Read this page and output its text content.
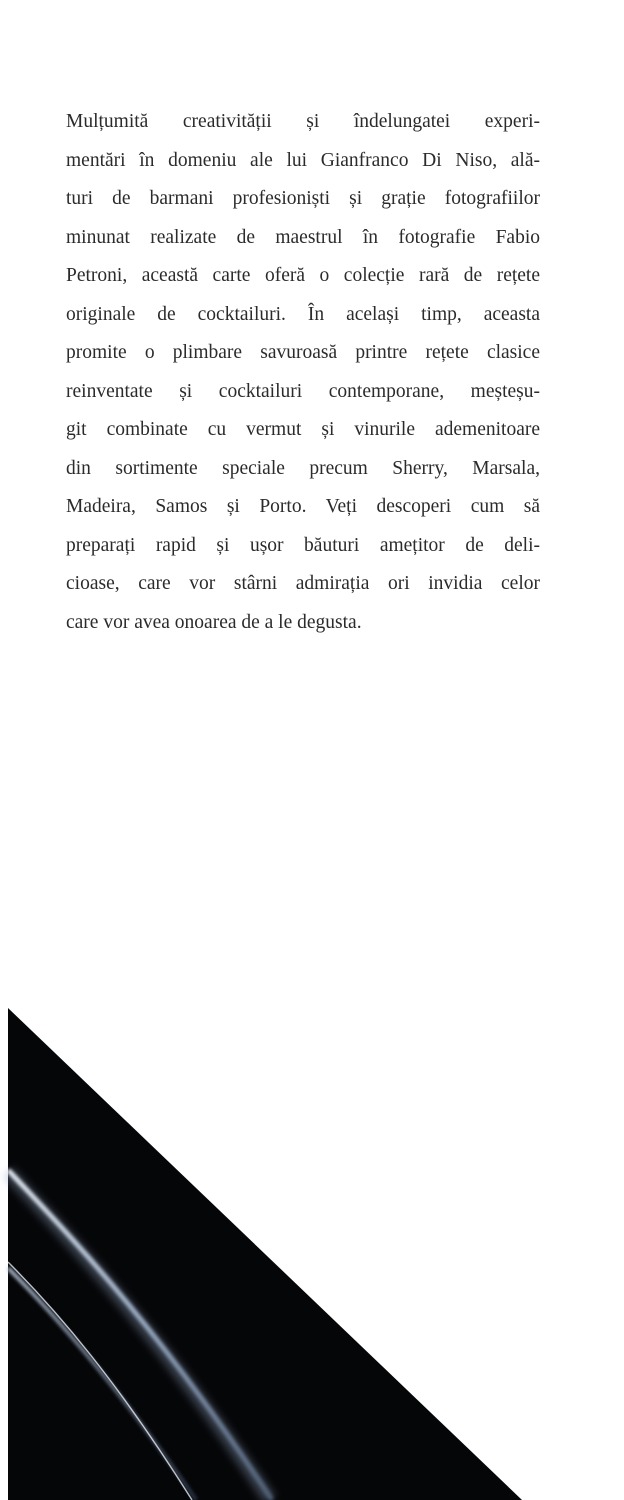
Mulțumită creativității și îndelungatei experi-
mentări în domeniu ale lui Gianfranco Di Niso, ală-
turi de barmani profesioniști și grație fotografiilor
minunat realizate de maestrul în fotografie Fabio
Petroni, această carte oferă o colecție rară de rețete
originale de cocktailuri. În același timp, aceasta
promite o plimbare savuroasă printre rețete clasice
reinventate și cocktailuri contemporane, meșteșu-
git combinate cu vermut și vinurile ademenitoare
din sortimente speciale precum Sherry, Marsala,
Madeira, Samos și Porto. Veți descoperi cum să
preparați rapid și ușor băuturi amețitor de deli-
cioase, care vor stârni admirația ori invidia celor
care vor avea onoarea de a le degusta.
